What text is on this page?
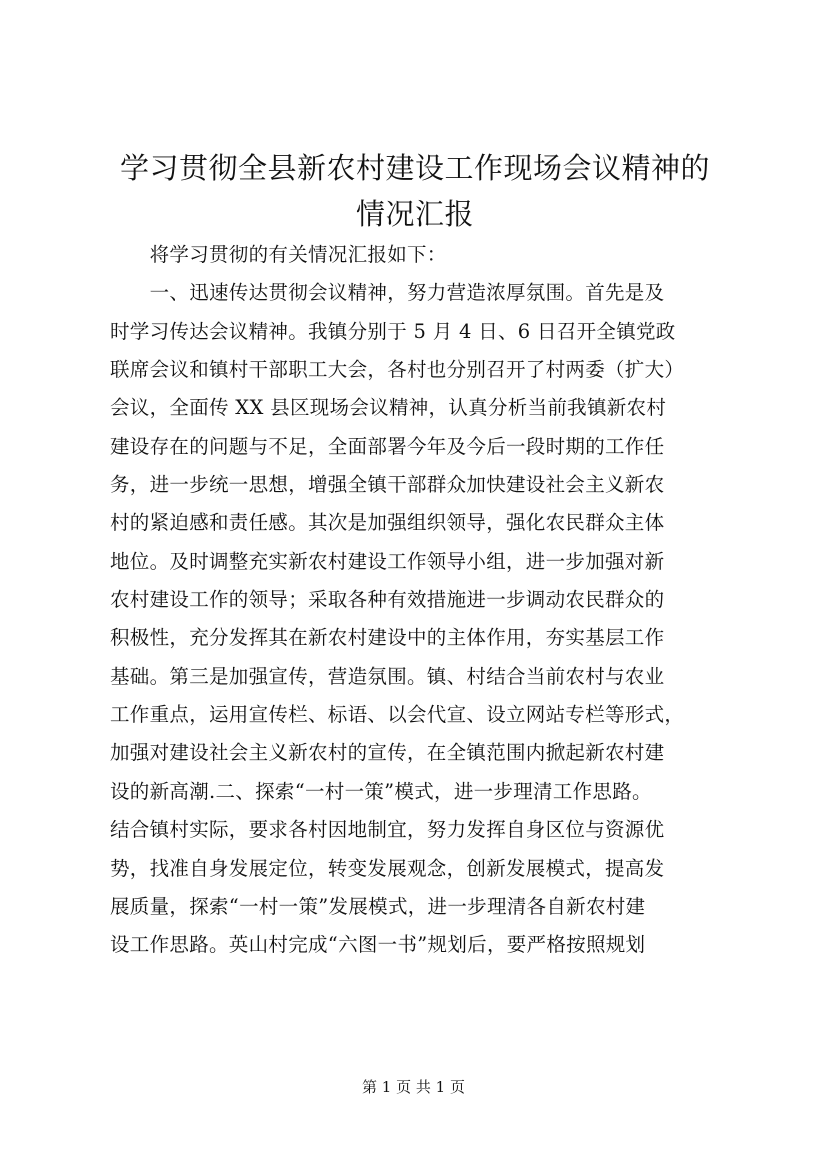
学习贯彻全县新农村建设工作现场会议精神的
情况汇报
　　将学习贯彻的有关情况汇报如下：
　　一、迅速传达贯彻会议精神，努力营造浓厚氛围。首先是及
时学习传达会议精神。我镇分别于 5 月 4 日、6 日召开全镇党政
联席会议和镇村干部职工大会，各村也分别召开了村两委（扩大）
会议，全面传 XX 县区现场会议精神，认真分析当前我镇新农村
建设存在的问题与不足，全面部署今年及今后一段时期的工作任
务，进一步统一思想，增强全镇干部群众加快建设社会主义新农
村的紧迫感和责任感。其次是加强组织领导，强化农民群众主体
地位。及时调整充实新农村建设工作领导小组，进一步加强对新
农村建设工作的领导；采取各种有效措施进一步调动农民群众的
积极性，充分发挥其在新农村建设中的主体作用，夯实基层工作
基础。第三是加强宣传，营造氛围。镇、村结合当前农村与农业
工作重点，运用宣传栏、标语、以会代宣、设立网站专栏等形式，
加强对建设社会主义新农村的宣传，在全镇范围内掀起新农村建
设的新高潮.二、探索“一村一策”模式，进一步理清工作思路。
结合镇村实际，要求各村因地制宜，努力发挥自身区位与资源优
势，找准自身发展定位，转变发展观念，创新发展模式，提高发
展质量，探索“一村一策”发展模式，进一步理清各自新农村建
设工作思路。英山村完成“六图一书”规划后，要严格按照规划
第 1 页 共 1 页
